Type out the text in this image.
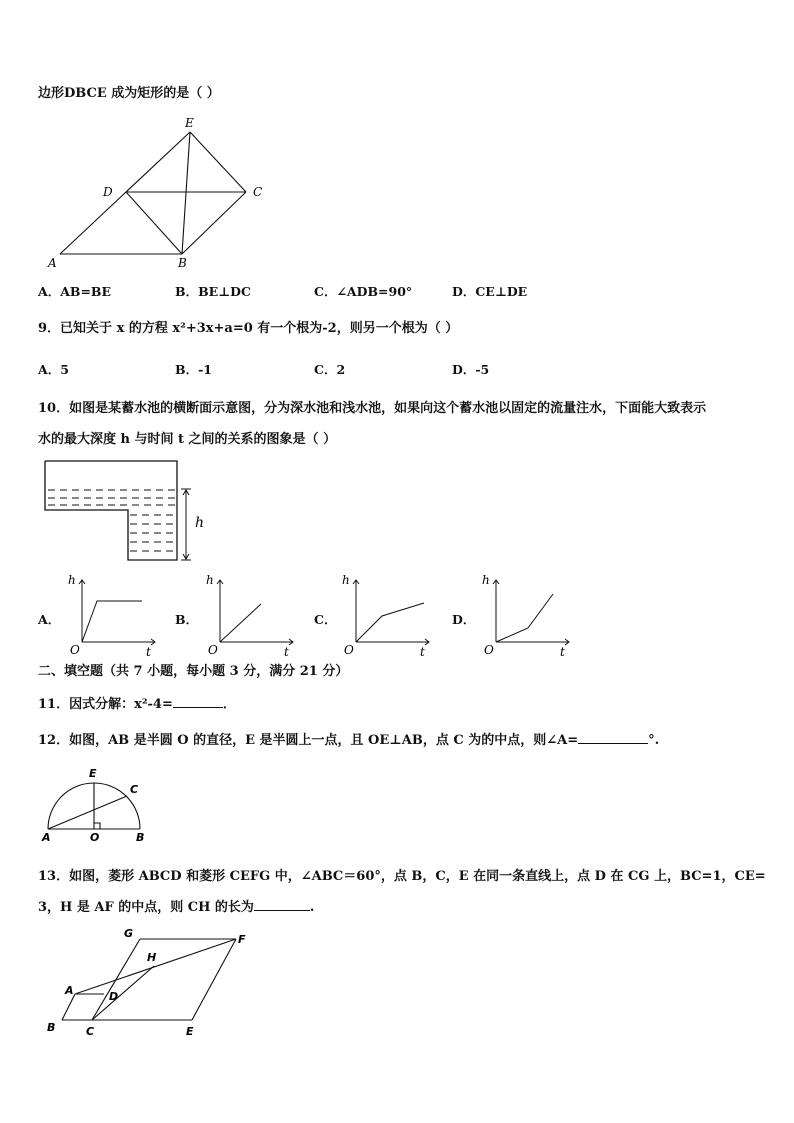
边形DBCE 成为矩形的是（ ）
E
D	C
A	B
A．AB=BE	B．BE⊥DC	C．∠ADB=90°	D．CE⊥DE
9．已知关于 x 的方程 x²+3x+a=0 有一个根为-2，则另一个根为（ ）
A．5	B．-1	C．2	D．-5
10．如图是某蓄水池的横断面示意图，分为深水池和浅水池，如果向这个蓄水池以固定的流量注水，下面能大致表示
水的最大深度 h 与时间 t 之间的关系的图象是（ ）
h
A．
h
O	t
B．
h
O	t
C．
h
O	t
D．
h
O	t
二、填空题（共 7 小题，每小题 3 分，满分 21 分）
11．因式分解：x²-4=	．
12．如图，AB 是半圆 O 的直径，E 是半圆上一点，且 OE⊥AB，点 C 为的中点，则∠A=	°.
E
C
A	O	B
13．如图，菱形 ABCD 和菱形 CEFG 中，∠ABC＝60°，点 B，C，E 在同一条直线上，点 D 在 CG 上，BC=1，CE=
3，H 是 AF 的中点，则 CH 的长为	.
G	F
H
A	D
B	C	E
